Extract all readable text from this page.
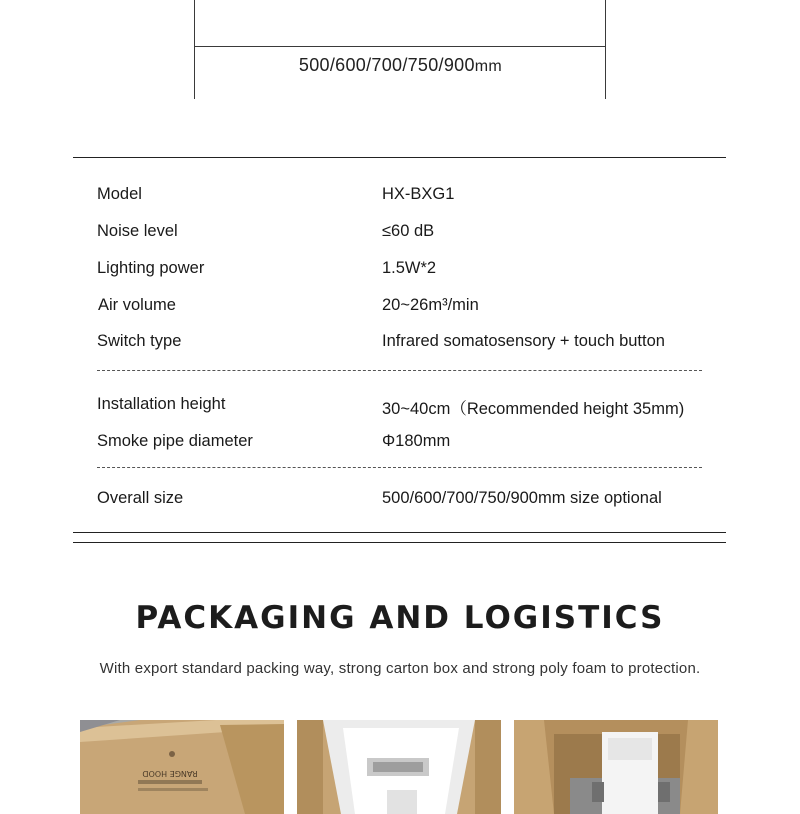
500/600/700/750/900mm
Model	HX-BXG1
Noise level	≤60 dB
Lighting power	1.5W*2
Air volume	20~26m³/min
Switch type	Infrared somatosensory + touch button
Installation height	30~40cm（Recommended height 35mm)
Smoke pipe diameter	Φ180mm
Overall size	500/600/700/750/900mm size optional
PACKAGING AND LOGISTICS
With export standard packing way, strong carton box and strong poly foam to protection.
RANGE HOOD
